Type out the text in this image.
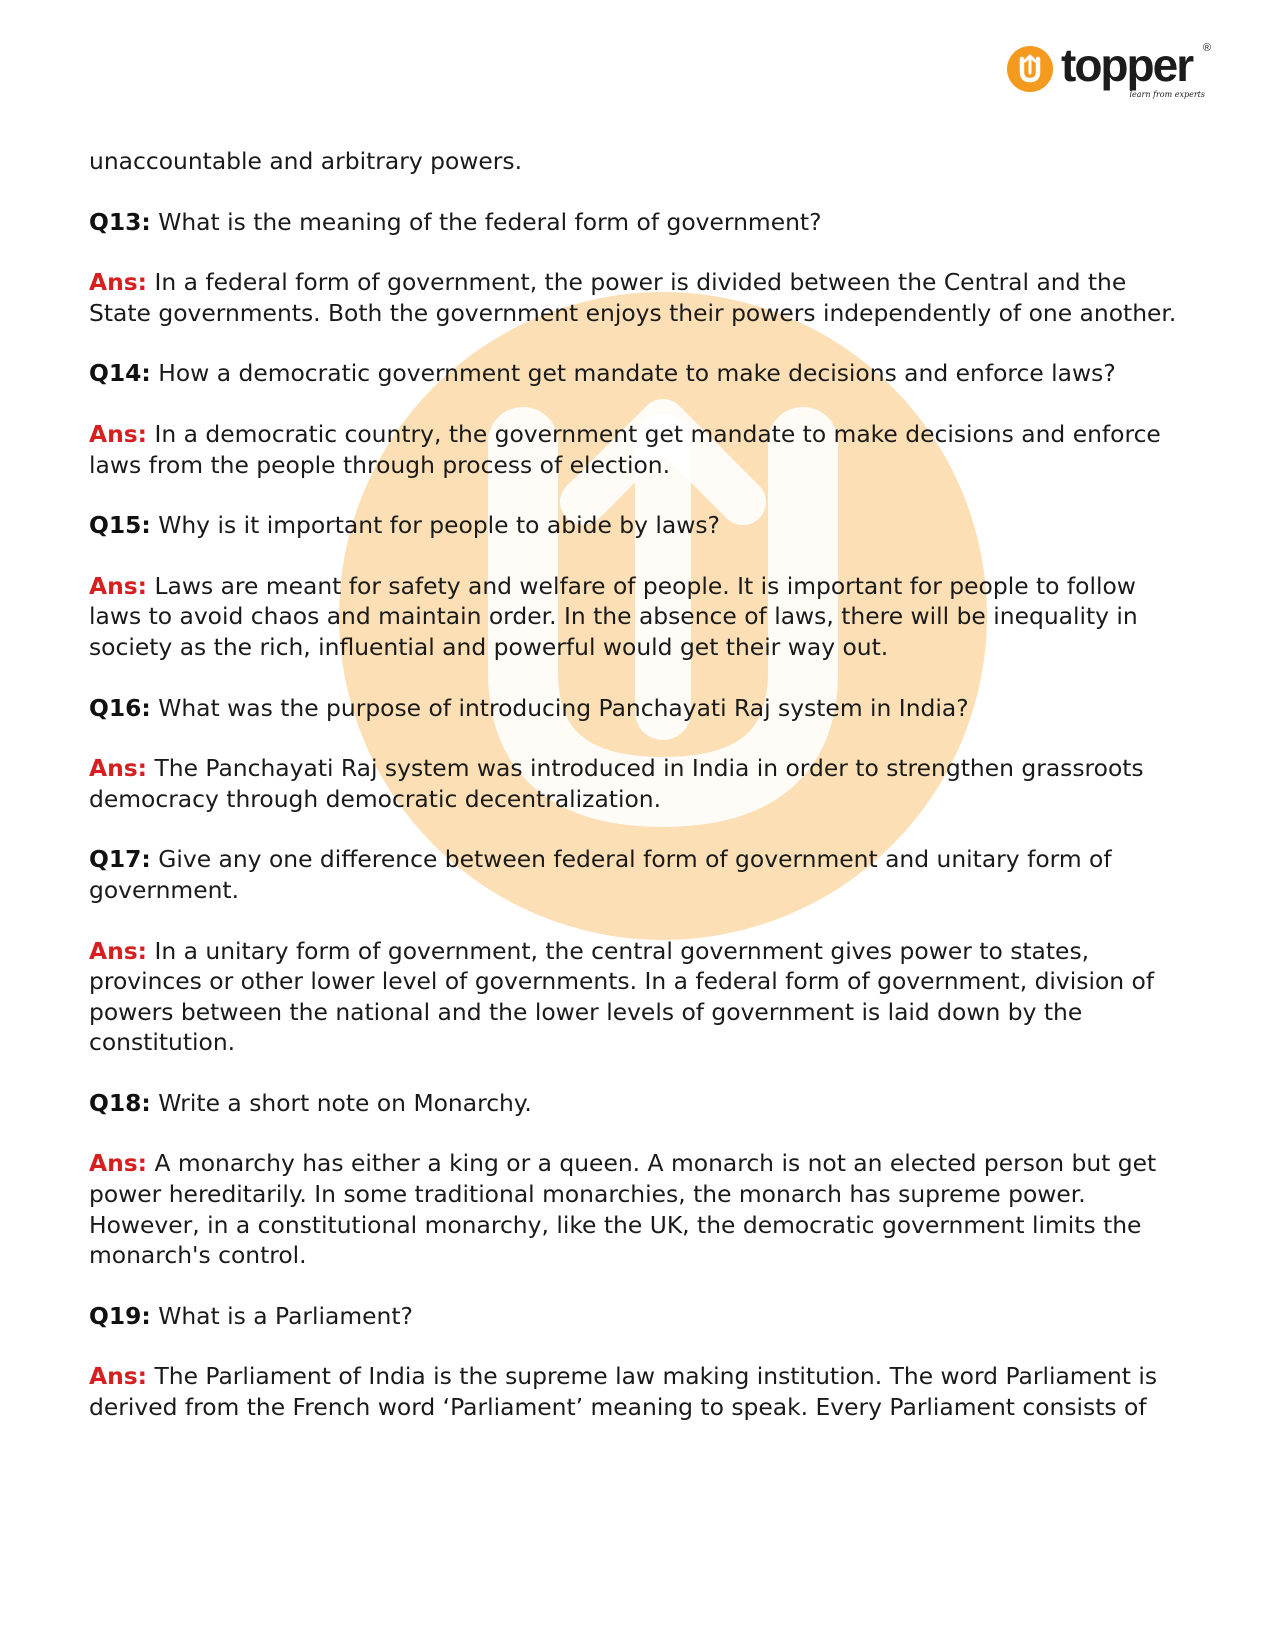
topper ®
learn from experts

unaccountable and arbitrary powers.

Q13: What is the meaning of the federal form of government?

Ans: In a federal form of government, the power is divided between the Central and the State governments. Both the government enjoys their powers independently of one another.

Q14: How a democratic government get mandate to make decisions and enforce laws?

Ans: In a democratic country, the government get mandate to make decisions and enforce laws from the people through process of election.

Q15: Why is it important for people to abide by laws?

Ans: Laws are meant for safety and welfare of people. It is important for people to follow laws to avoid chaos and maintain order. In the absence of laws, there will be inequality in society as the rich, influential and powerful would get their way out.

Q16: What was the purpose of introducing Panchayati Raj system in India?

Ans: The Panchayati Raj system was introduced in India in order to strengthen grassroots democracy through democratic decentralization.

Q17: Give any one difference between federal form of government and unitary form of government.

Ans: In a unitary form of government, the central government gives power to states, provinces or other lower level of governments. In a federal form of government, division of powers between the national and the lower levels of government is laid down by the constitution.

Q18: Write a short note on Monarchy.

Ans: A monarchy has either a king or a queen. A monarch is not an elected person but get power hereditarily. In some traditional monarchies, the monarch has supreme power. However, in a constitutional monarchy, like the UK, the democratic government limits the monarch's control.

Q19: What is a Parliament?

Ans: The Parliament of India is the supreme law making institution. The word Parliament is derived from the French word ‘Parliament’ meaning to speak. Every Parliament consists of
